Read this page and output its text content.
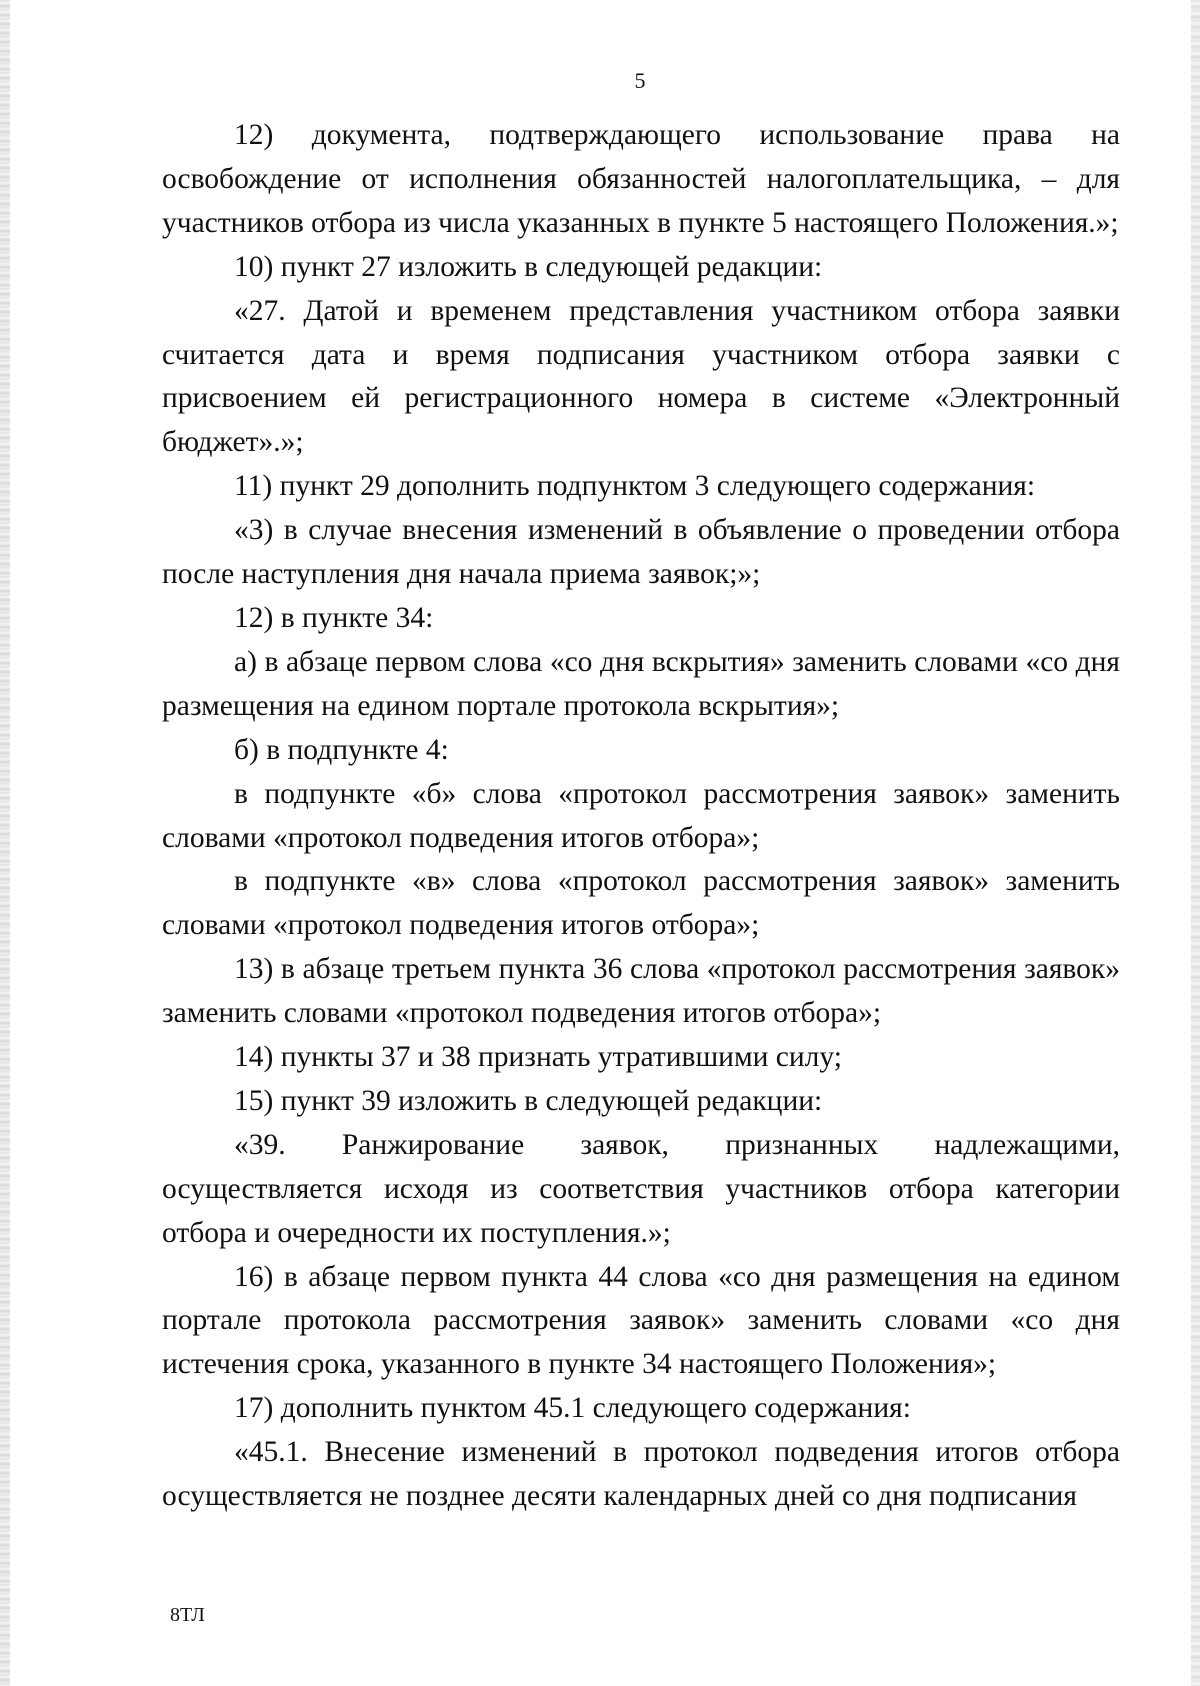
5

12) документа, подтверждающего использование права на освобождение от исполнения обязанностей налогоплательщика, – для участников отбора из числа указанных в пункте 5 настоящего Положения.»;

10) пункт 27 изложить в следующей редакции:

«27. Датой и временем представления участником отбора заявки считается дата и время подписания участником отбора заявки с присвоением ей регистрационного номера в системе «Электронный бюджет».»;

11) пункт 29 дополнить подпунктом 3 следующего содержания:

«3) в случае внесения изменений в объявление о проведении отбора после наступления дня начала приема заявок;»;

12) в пункте 34:

а) в абзаце первом слова «со дня вскрытия» заменить словами «со дня размещения на едином портале протокола вскрытия»;

б) в подпункте 4:

в подпункте «б» слова «протокол рассмотрения заявок» заменить словами «протокол подведения итогов отбора»;

в подпункте «в» слова «протокол рассмотрения заявок» заменить словами «протокол подведения итогов отбора»;

13) в абзаце третьем пункта 36 слова «протокол рассмотрения заявок» заменить словами «протокол подведения итогов отбора»;

14) пункты 37 и 38 признать утратившими силу;

15) пункт 39 изложить в следующей редакции:

«39. Ранжирование заявок, признанных надлежащими, осуществляется исходя из соответствия участников отбора категории отбора и очередности их поступления.»;

16) в абзаце первом пункта 44 слова «со дня размещения на едином портале протокола рассмотрения заявок» заменить словами «со дня истечения срока, указанного в пункте 34 настоящего Положения»;

17) дополнить пунктом 45.1 следующего содержания:

«45.1. Внесение изменений в протокол подведения итогов отбора осуществляется не позднее десяти календарных дней со дня подписания

8ТЛ
